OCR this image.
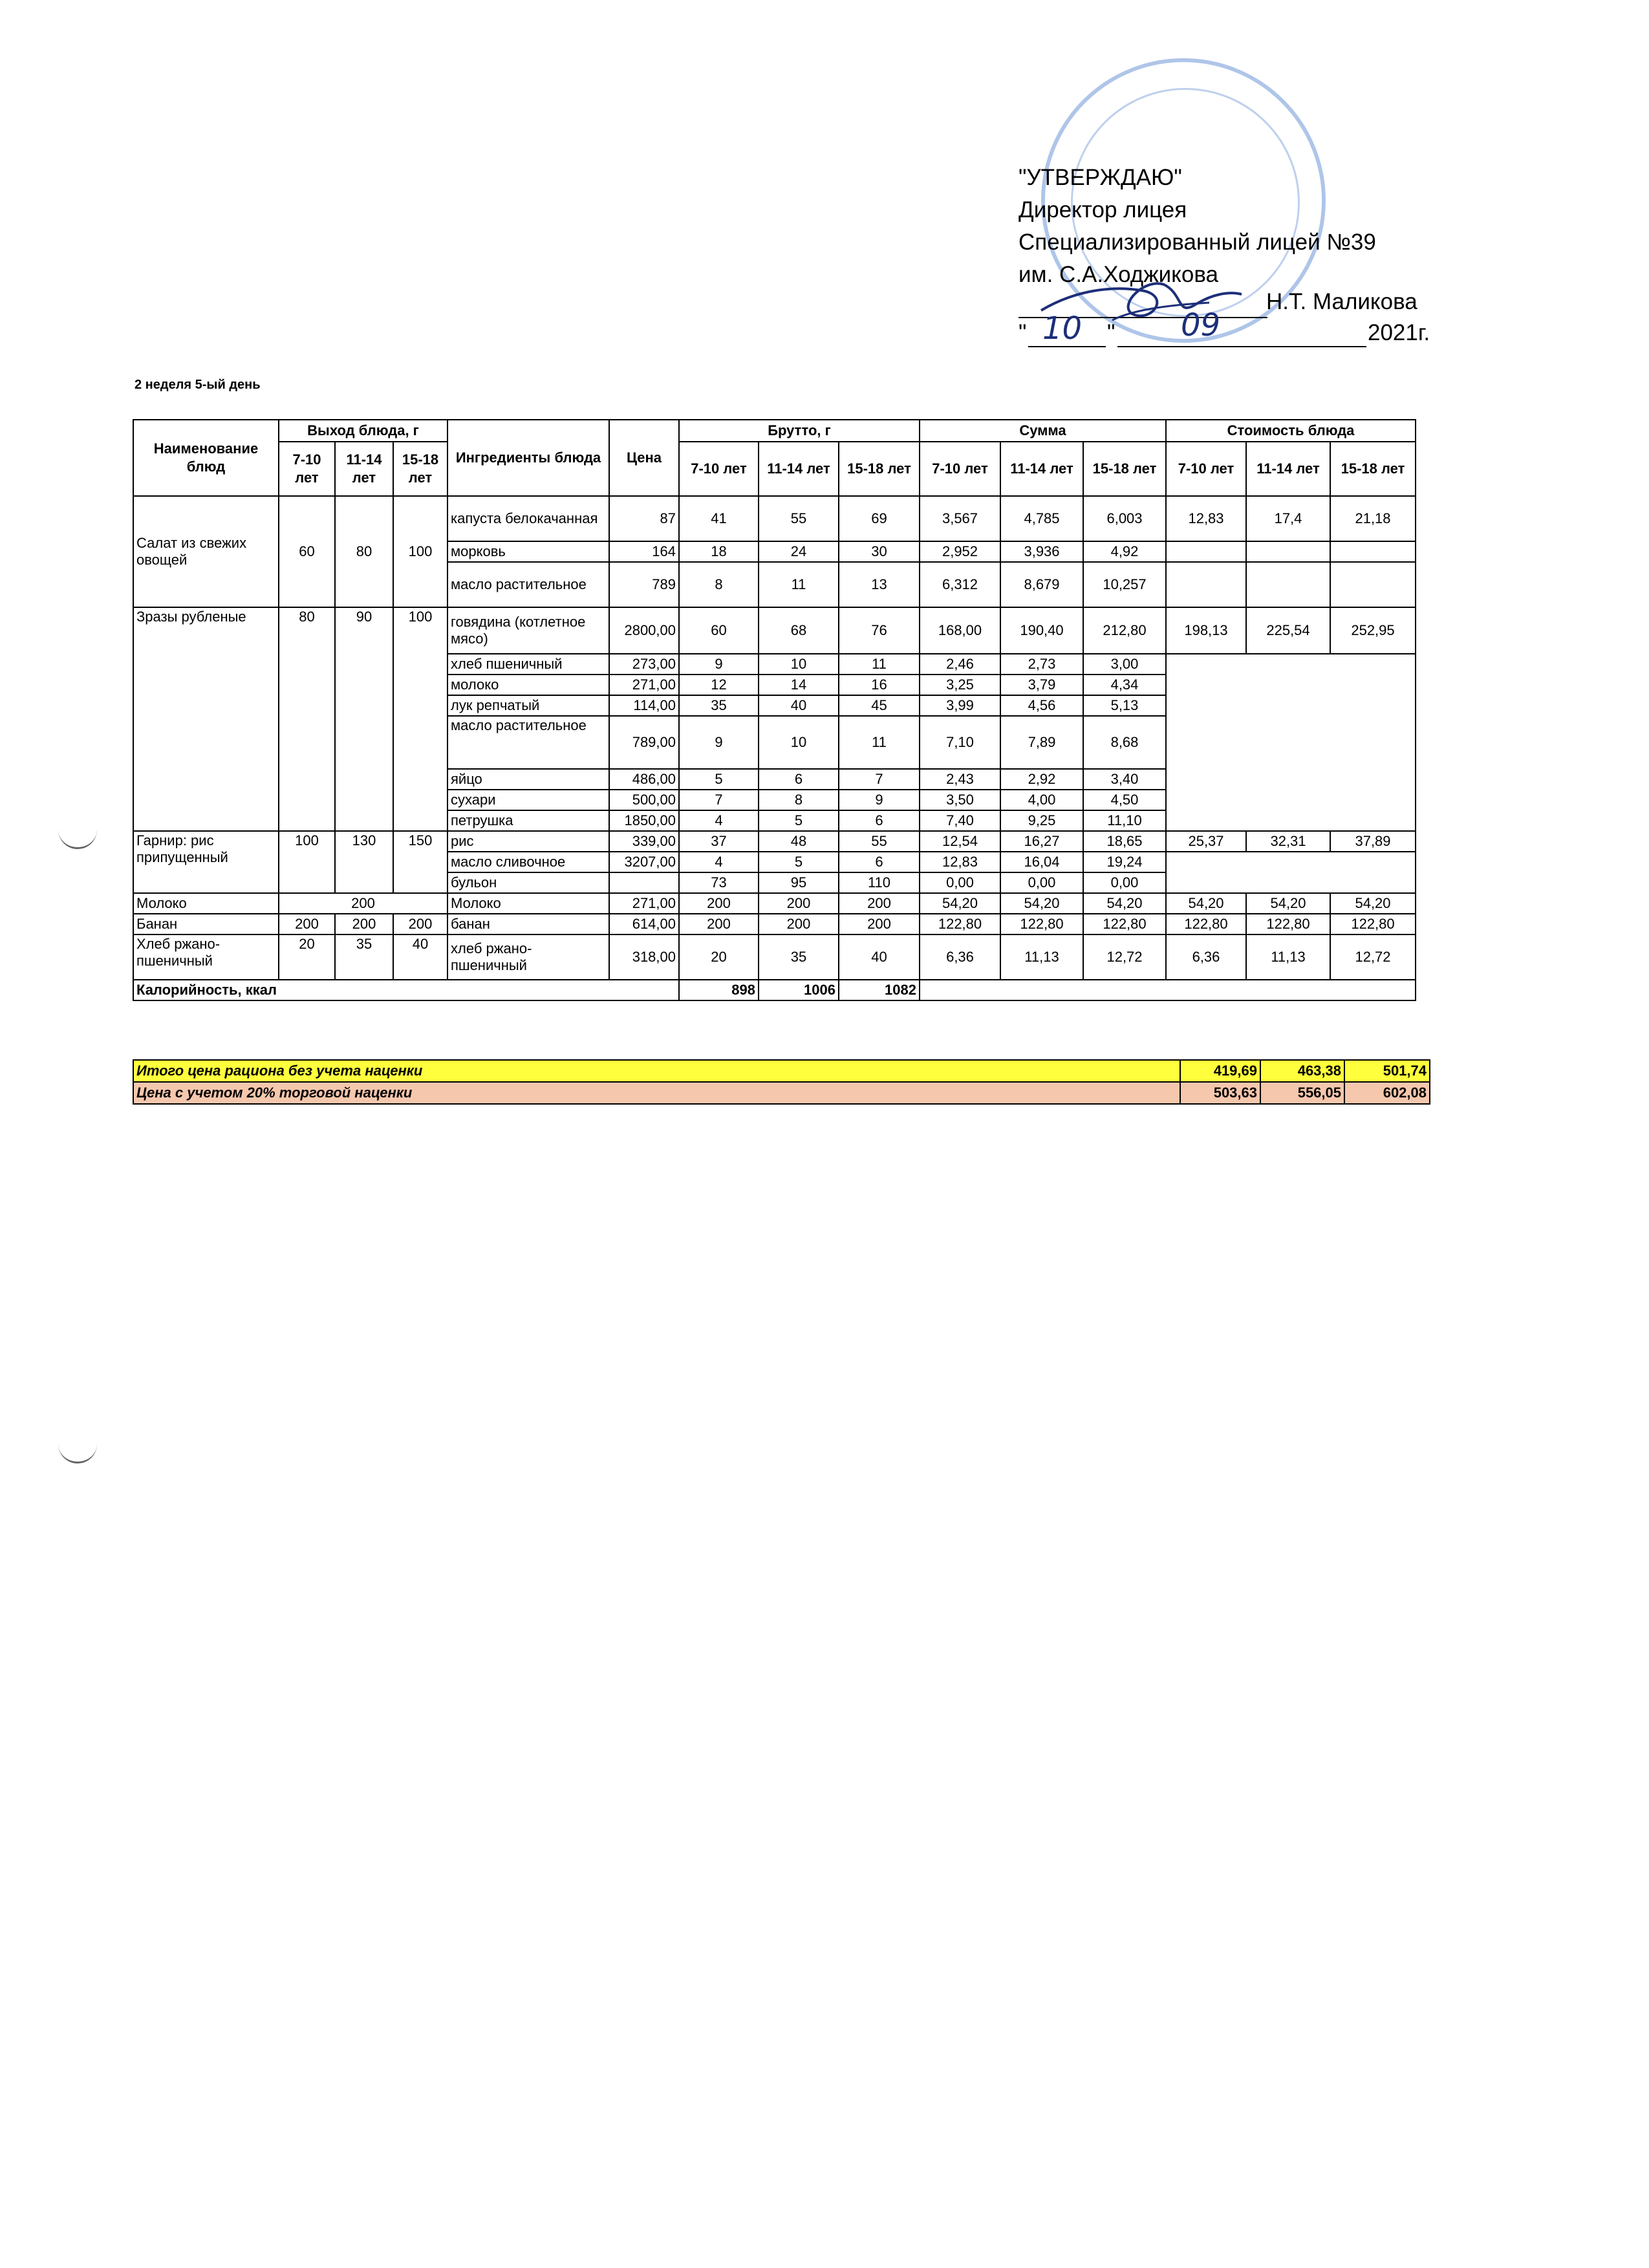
"УТВЕРЖДАЮ"
Директор лицея
Специализированный лицей №39
им. С.А.Ходжикова
Н.Т. Маликова
" 10 " 09	2021г.
2 неделя 5-ый день
Наименование блюд	Выход блюда, г			Ингредиенты блюда	Цена	Брутто, г			Сумма			Стоимость блюда		
	7-10 лет	11-14 лет	15-18 лет			7-10 лет	11-14 лет	15-18 лет	7-10 лет	11-14 лет	15-18 лет	7-10 лет	11-14 лет	15-18 лет
Салат из свежих овощей	60	80	100	капуста белокачанная	87	41	55	69	3,567	4,785	6,003	12,83	17,4	21,18
				морковь	164	18	24	30	2,952	3,936	4,92			
				масло растительное	789	8	11	13	6,312	8,679	10,257			
Зразы рубленые	80	90	100	говядина (котлетное мясо)	2800,00	60	68	76	168,00	190,40	212,80	198,13	225,54	252,95
				хлеб пшеничный	273,00	9	10	11	2,46	2,73	3,00			
				молоко	271,00	12	14	16	3,25	3,79	4,34			
				лук репчатый	114,00	35	40	45	3,99	4,56	5,13			
				масло растительное	789,00	9	10	11	7,10	7,89	8,68			
				яйцо	486,00	5	6	7	2,43	2,92	3,40			
				сухари	500,00	7	8	9	3,50	4,00	4,50			
				петрушка	1850,00	4	5	6	7,40	9,25	11,10			
Гарнир: рис припущенный	100	130	150	рис	339,00	37	48	55	12,54	16,27	18,65	25,37	32,31	37,89
				масло сливочное	3207,00	4	5	6	12,83	16,04	19,24			
				бульон		73	95	110	0,00	0,00	0,00			
Молоко	200			Молоко	271,00	200	200	200	54,20	54,20	54,20	54,20	54,20	54,20
Банан	200	200	200	банан	614,00	200	200	200	122,80	122,80	122,80	122,80	122,80	122,80
Хлеб ржано-пшеничный	20	35	40	хлеб ржано-пшеничный	318,00	20	35	40	6,36	11,13	12,72	6,36	11,13	12,72
Калорийность, ккал						898	1006	1082						
Итого цена рациона без учета наценки	419,69	463,38	501,74
Цена с учетом 20% торговой наценки	503,63	556,05	602,08
